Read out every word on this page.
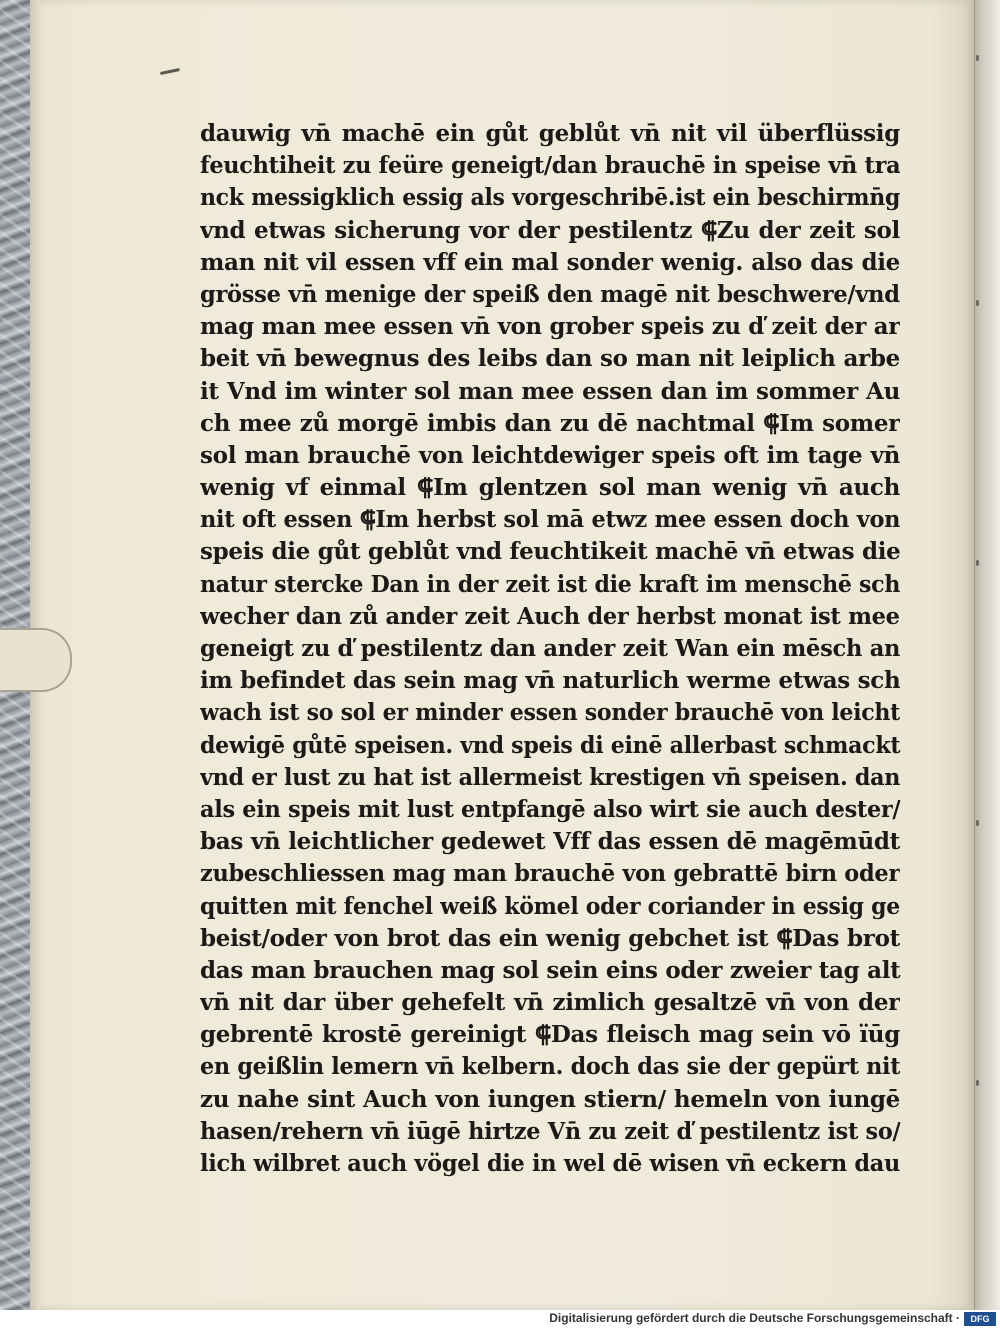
dauwig vn̄ machē ein gůt geblůt vn̄ nit vil überflüssig
feuchtiheit zu feüre geneigt/dan brauchē in speise vn̄ tra
nck messigklich essig als vorgeschribē.ist ein beschirmn̄g
vnd etwas sicherung vor der pestilentz ⸿Zu der zeit sol
man nit vil essen vff ein mal sonder wenig. also das die
grösse vn̄ menige der speiß den magē nit beschwere/vnd
mag man mee essen vn̄ von grober speis zu ď zeit der ar
beit vn̄ bewegnus des leibs dan so man nit leiplich arbe
it Vnd im winter sol man mee essen dan im sommer Au
ch mee zů morgē imbis dan zu dē nachtmal ⸿Im somer
sol man brauchē von leichtdewiger speis oft im tage vn̄
wenig vf einmal ⸿Im glentzen sol man wenig vn̄ auch
nit oft essen ⸿Im herbst sol mā etwz mee essen doch von
speis die gůt geblůt vnd feuchtikeit machē vn̄ etwas die
natur stercke Dan in der zeit ist die kraft im menschē sch
wecher dan zů ander zeit Auch der herbst monat ist mee
geneigt zu ď pestilentz dan ander zeit Wan ein mēsch an
im befindet das sein mag vn̄ naturlich werme etwas sch
wach ist so sol er minder essen sonder brauchē von leicht
dewigē gůtē speisen. vnd speis di einē allerbast schmackt
vnd er lust zu hat ist allermeist krestigen vn̄ speisen. dan
als ein speis mit lust entpfangē also wirt sie auch dester/
bas vn̄ leichtlicher gedewet Vff das essen dē magēmūdt
zubeschliessen mag man brauchē von gebrattē birn oder
quitten mit fenchel weiß kömel oder coriander in essig ge
beist/oder von brot das ein wenig gebchet ist ⸿Das brot
das man brauchen mag sol sein eins oder zweier tag alt
vn̄ nit dar über gehefelt vn̄ zimlich gesaltzē vn̄ von der
gebrentē krostē gereinigt ⸿Das fleisch mag sein vō ïūg
en geißlin lemern vn̄ kelbern. doch das sie der gepürt nit
zu nahe sint Auch von iungen stiern/ hemeln von iungē
hasen/rehern vn̄ iūgē hirtze Vn̄ zu zeit ď pestilentz ist so/
lich wilbret auch vögel die in wel dē wisen vn̄ eckern dau
Digitalisierung gefördert durch die Deutsche Forschungsgemeinschaft ·	DFG
